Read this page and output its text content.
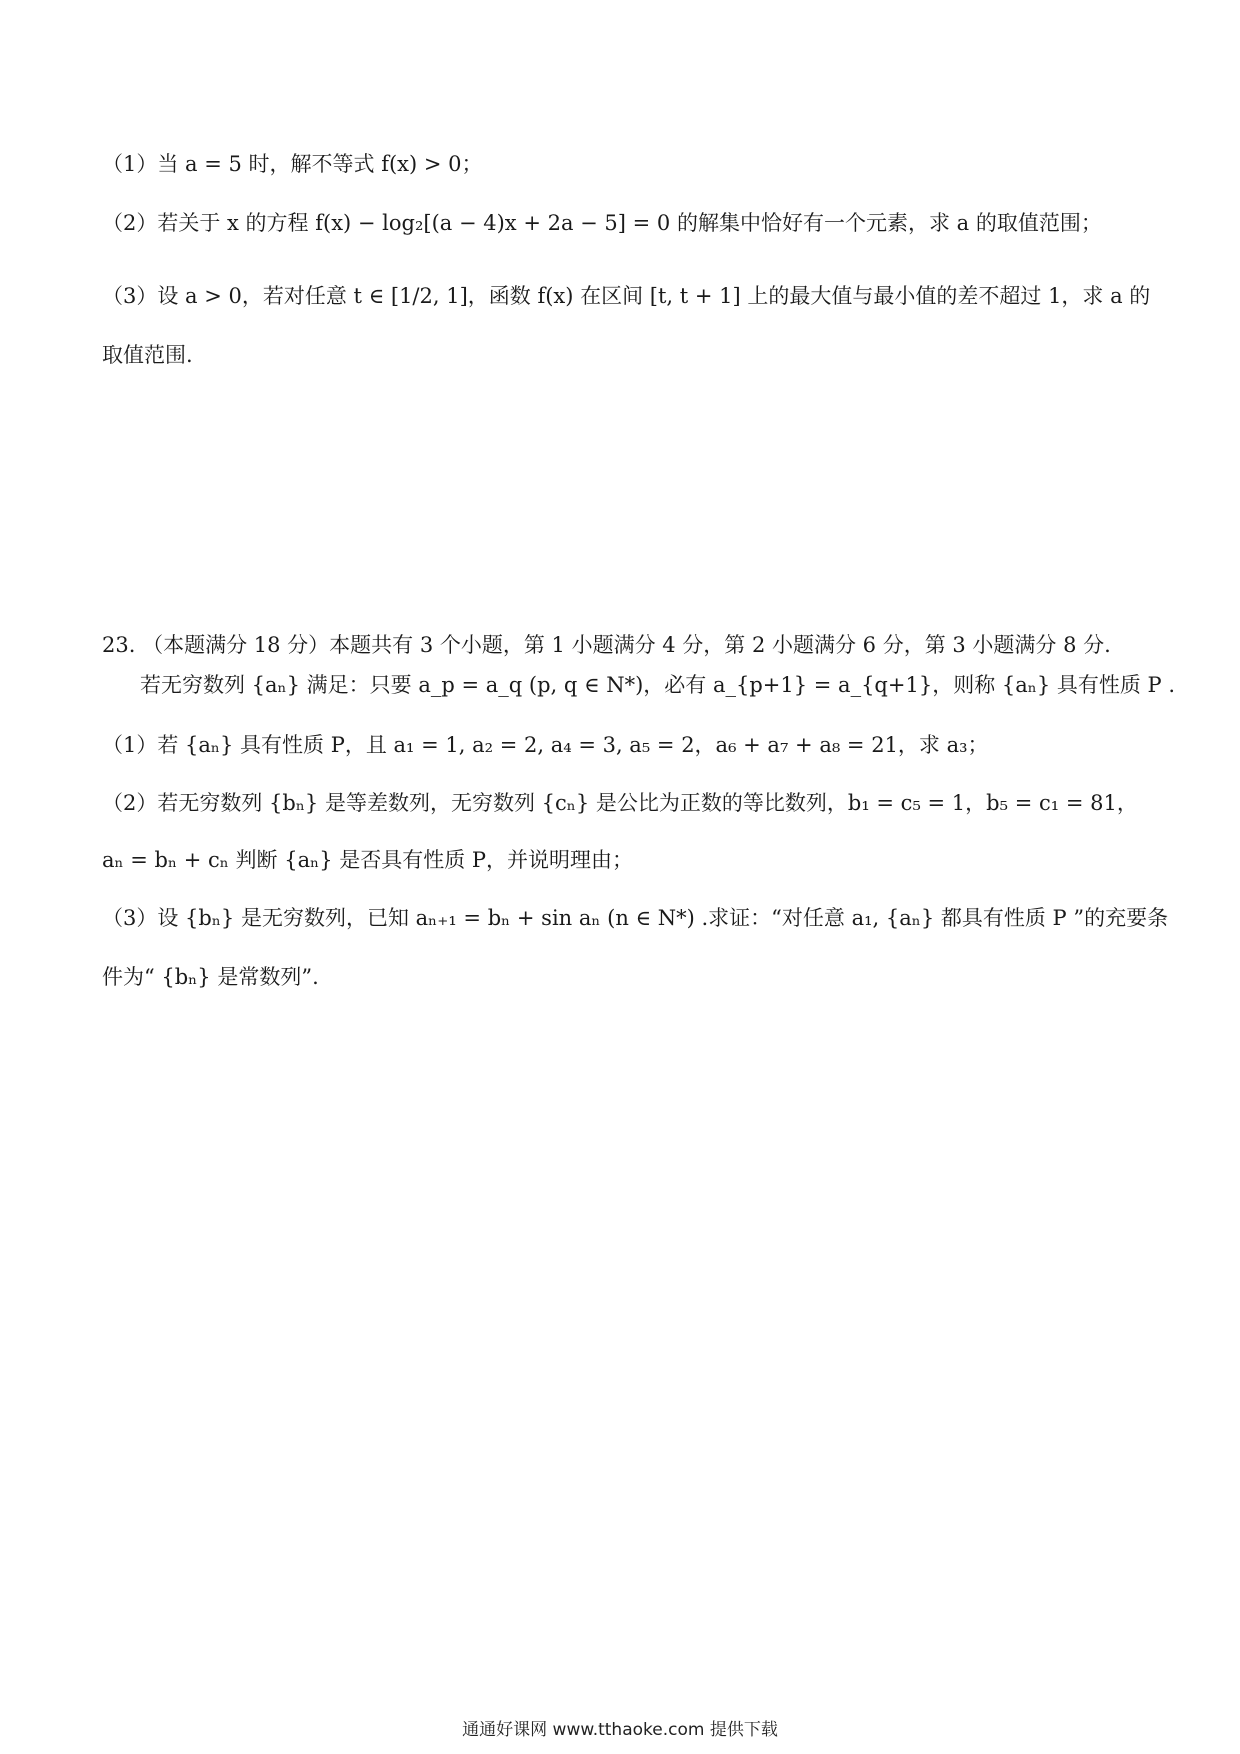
（1）当 a = 5 时，解不等式 f(x) > 0；
（2）若关于 x 的方程 f(x) − log₂[(a − 4)x + 2a − 5] = 0 的解集中恰好有一个元素，求 a 的取值范围；
（3）设 a > 0，若对任意 t ∈ [1/2, 1]，函数 f(x) 在区间 [t, t + 1] 上的最大值与最小值的差不超过 1，求 a 的
取值范围.
23. （本题满分 18 分）本题共有 3 个小题，第 1 小题满分 4 分，第 2 小题满分 6 分，第 3 小题满分 8 分.
若无穷数列 {aₙ} 满足：只要 a_p = a_q (p, q ∈ N*)，必有 a_{p+1} = a_{q+1}，则称 {aₙ} 具有性质 P .
（1）若 {aₙ} 具有性质 P，且 a₁ = 1, a₂ = 2, a₄ = 3, a₅ = 2，a₆ + a₇ + a₈ = 21，求 a₃；
（2）若无穷数列 {bₙ} 是等差数列，无穷数列 {cₙ} 是公比为正数的等比数列，b₁ = c₅ = 1，b₅ = c₁ = 81，
aₙ = bₙ + cₙ 判断 {aₙ} 是否具有性质 P，并说明理由；
（3）设 {bₙ} 是无穷数列，已知 aₙ₊₁ = bₙ + sin aₙ (n ∈ N*) .求证：“对任意 a₁, {aₙ} 都具有性质 P ”的充要条
件为“ {bₙ} 是常数列”.
通通好课网 www.tthaoke.com 提供下载
